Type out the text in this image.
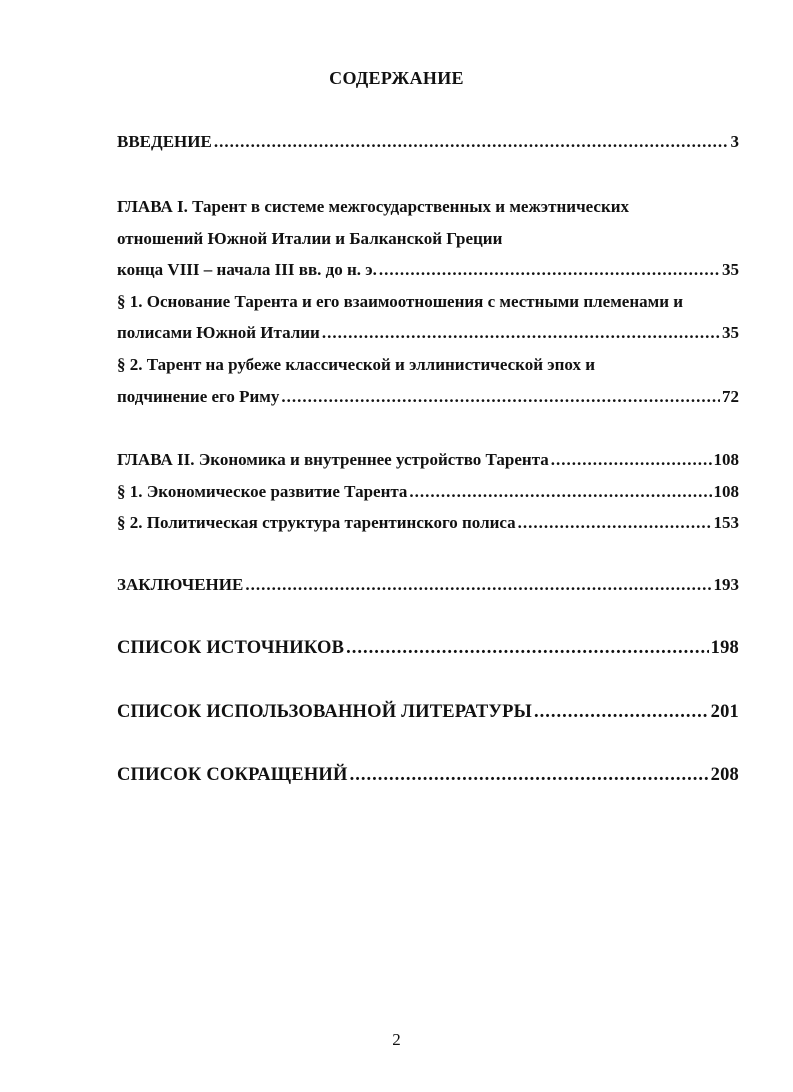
СОДЕРЖАНИЕ
ВВЕДЕНИЕ .....	3
ГЛАВА I. Тарент в системе межгосударственных и межэтнических
отношений Южной Италии и Балканской Греции
конца VIII – начала III вв. до н. э. .....	35
§ 1. Основание Тарента и его взаимоотношения с местными племенами и
полисами Южной Италии .....	35
§ 2. Тарент на рубеже классической и эллинистической эпох и
подчинение его Риму .....	72
ГЛАВА II. Экономика и внутреннее устройство Тарента .....	108
§ 1. Экономическое развитие Тарента .....	108
§ 2. Политическая структура тарентинского полиса .....	153
ЗАКЛЮЧЕНИЕ .....	193
СПИСОК ИСТОЧНИКОВ .....	198
СПИСОК ИСПОЛЬЗОВАННОЙ ЛИТЕРАТУРЫ .....	201
СПИСОК СОКРАЩЕНИЙ .....	208
2
